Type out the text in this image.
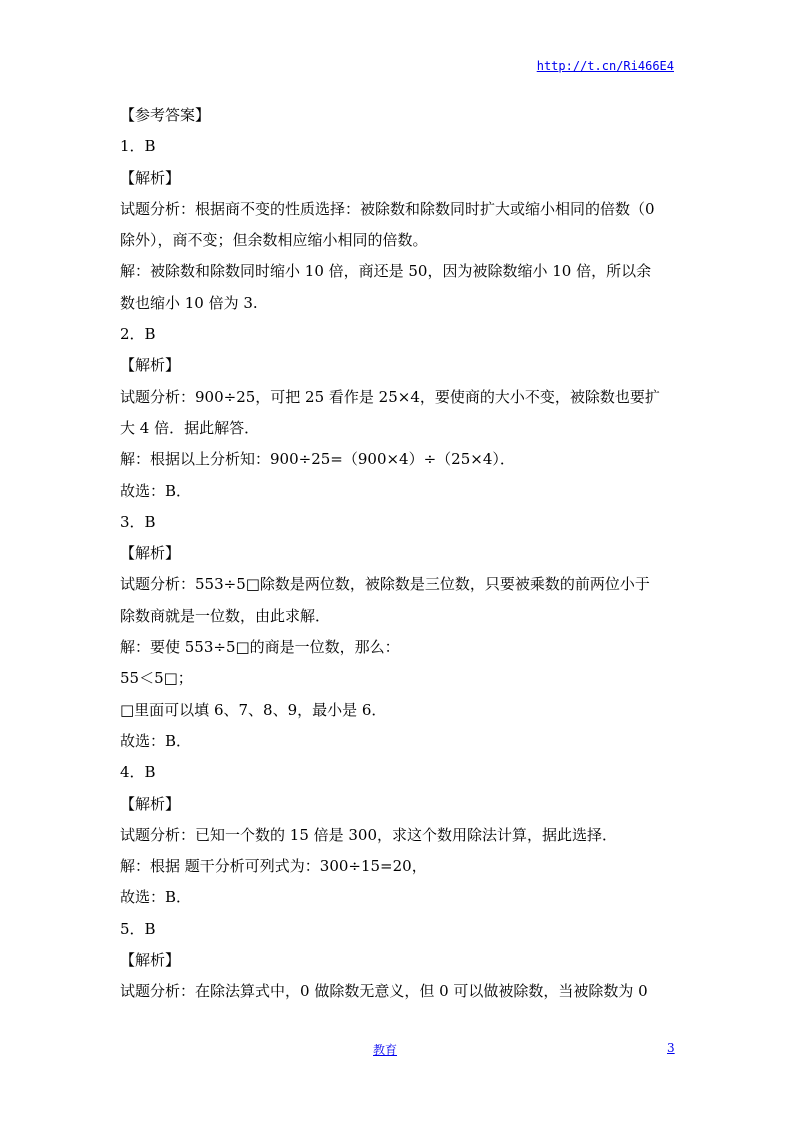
http://t.cn/Ri466E4
【参考答案】
1．B
【解析】
试题分析：根据商不变的性质选择：被除数和除数同时扩大或缩小相同的倍数（0
除外），商不变；但余数相应缩小相同的倍数。
解：被除数和除数同时缩小 10 倍，商还是 50，因为被除数缩小 10 倍，所以余
数也缩小 10 倍为 3.
2．B
【解析】
试题分析：900÷25，可把 25 看作是 25×4，要使商的大小不变，被除数也要扩
大 4 倍．据此解答．
解：根据以上分析知：900÷25=（900×4）÷（25×4）．
故选：B．
3．B
【解析】
试题分析：553÷5□除数是两位数，被除数是三位数，只要被乘数的前两位小于
除数商就是一位数，由此求解．
解：要使 553÷5□的商是一位数，那么：
55＜5□；
□里面可以填 6、7、8、9，最小是 6．
故选：B．
4．B
【解析】
试题分析：已知一个数的 15 倍是 300，求这个数用除法计算，据此选择．
解：根据 题干分析可列式为：300÷15=20，
故选：B．
5．B
【解析】
试题分析：在除法算式中，0 做除数无意义，但 0 可以做被除数，当被除数为 0
教育	3
